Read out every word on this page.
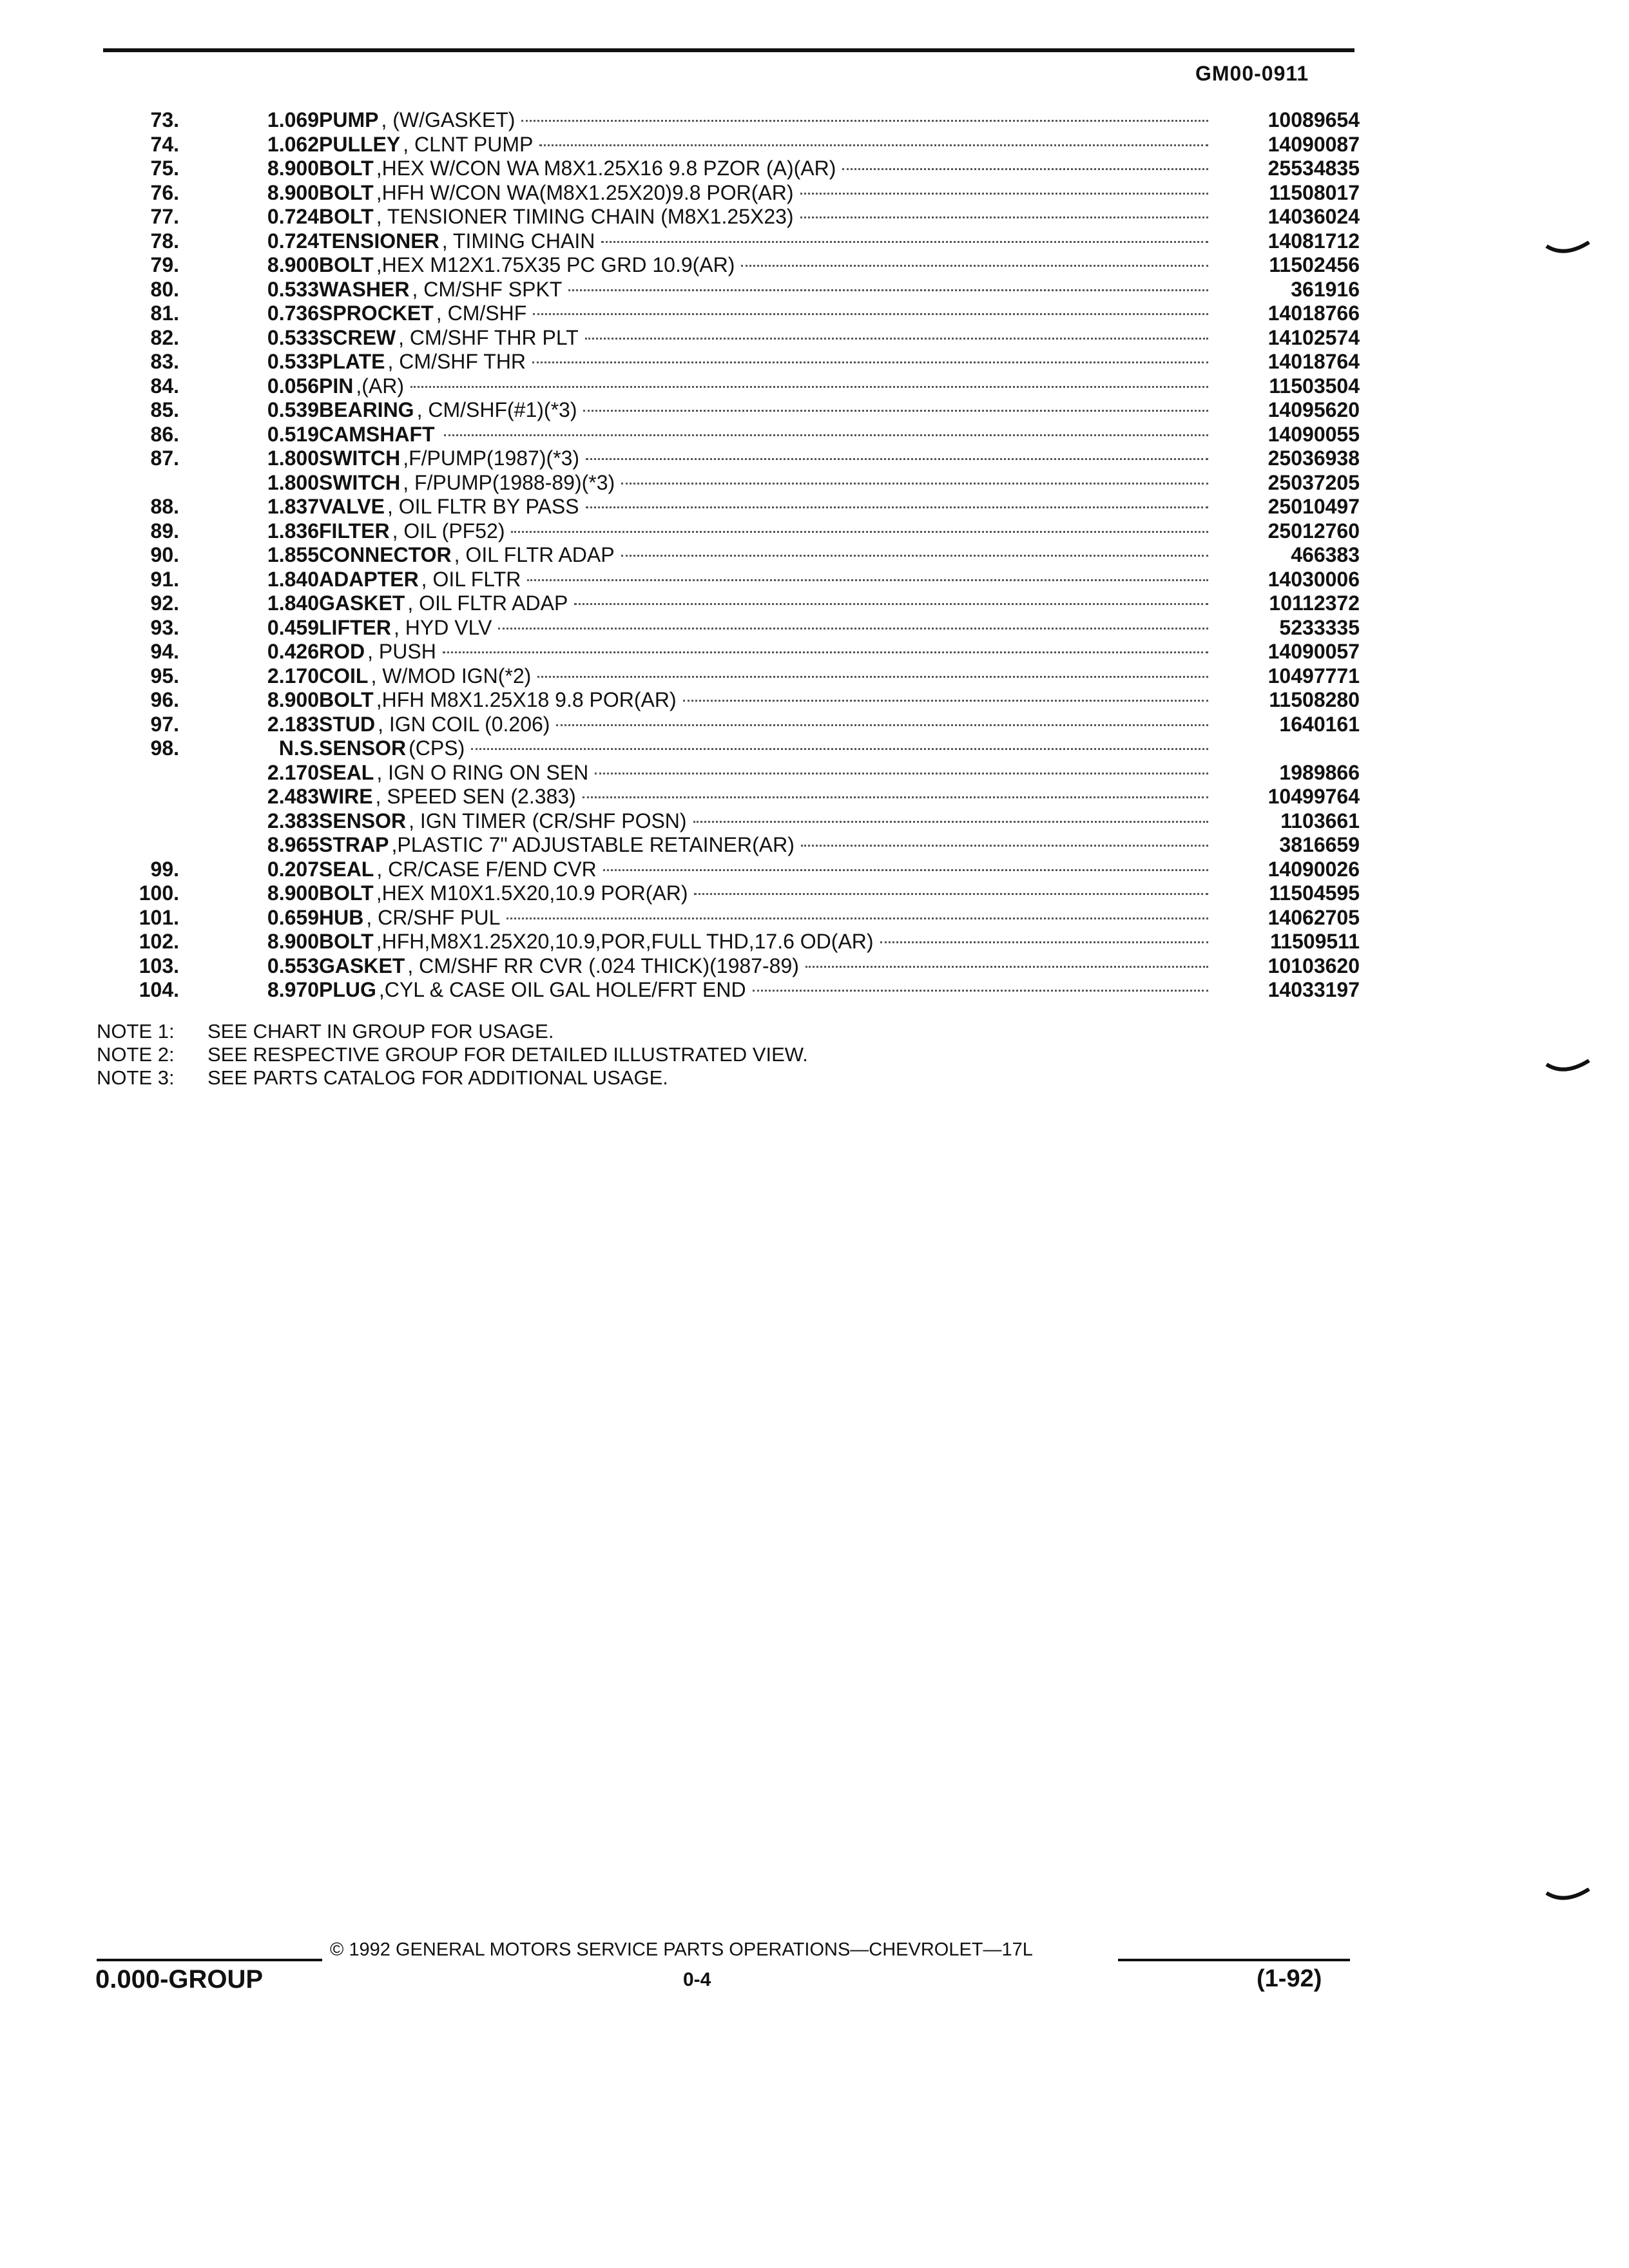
GM00-0911
73.	1.069 PUMP , (W/GASKET)	10089654
74.	1.062 PULLEY , CLNT PUMP	14090087
75.	8.900 BOLT ,HEX W/CON WA M8X1.25X16 9.8 PZOR (A)(AR)	25534835
76.	8.900 BOLT ,HFH W/CON WA(M8X1.25X20)9.8 POR(AR)	11508017
77.	0.724 BOLT , TENSIONER TIMING CHAIN (M8X1.25X23)	14036024
78.	0.724 TENSIONER , TIMING CHAIN	14081712
79.	8.900 BOLT ,HEX M12X1.75X35 PC GRD 10.9(AR)	11502456
80.	0.533 WASHER , CM/SHF SPKT	361916
81.	0.736 SPROCKET , CM/SHF	14018766
82.	0.533 SCREW , CM/SHF THR PLT	14102574
83.	0.533 PLATE , CM/SHF THR	14018764
84.	0.056 PIN ,(AR)	11503504
85.	0.539 BEARING , CM/SHF(#1)(*3)	14095620
86.	0.519 CAMSHAFT	14090055
87.	1.800 SWITCH ,F/PUMP(1987)(*3)	25036938
1.800 SWITCH , F/PUMP(1988-89)(*3)	25037205
88.	1.837 VALVE , OIL FLTR BY PASS	25010497
89.	1.836 FILTER , OIL (PF52)	25012760
90.	1.855 CONNECTOR , OIL FLTR ADAP	466383
91.	1.840 ADAPTER , OIL FLTR	14030006
92.	1.840 GASKET , OIL FLTR ADAP	10112372
93.	0.459 LIFTER , HYD VLV	5233335
94.	0.426 ROD , PUSH	14090057
95.	2.170 COIL , W/MOD IGN(*2)	10497771
96.	8.900 BOLT ,HFH M8X1.25X18 9.8 POR(AR)	11508280
97.	2.183 STUD , IGN COIL (0.206)	1640161
98.	N.S. SENSOR (CPS)
2.170 SEAL , IGN O RING ON SEN	1989866
2.483 WIRE , SPEED SEN (2.383)	10499764
2.383 SENSOR , IGN TIMER (CR/SHF POSN)	1103661
8.965 STRAP ,PLASTIC 7" ADJUSTABLE RETAINER(AR)	3816659
99.	0.207 SEAL , CR/CASE F/END CVR	14090026
100.	8.900 BOLT ,HEX M10X1.5X20,10.9 POR(AR)	11504595
101.	0.659 HUB , CR/SHF PUL	14062705
102.	8.900 BOLT ,HFH,M8X1.25X20,10.9,POR,FULL THD,17.6 OD(AR)	11509511
103.	0.553 GASKET , CM/SHF RR CVR (.024 THICK)(1987-89)	10103620
104.	8.970 PLUG ,CYL & CASE OIL GAL HOLE/FRT END	14033197
NOTE 1: SEE CHART IN GROUP FOR USAGE.
NOTE 2: SEE RESPECTIVE GROUP FOR DETAILED ILLUSTRATED VIEW.
NOTE 3: SEE PARTS CATALOG FOR ADDITIONAL USAGE.
© 1992 GENERAL MOTORS SERVICE PARTS OPERATIONS—CHEVROLET—17L
0.000-GROUP	0-4	(1-92)
